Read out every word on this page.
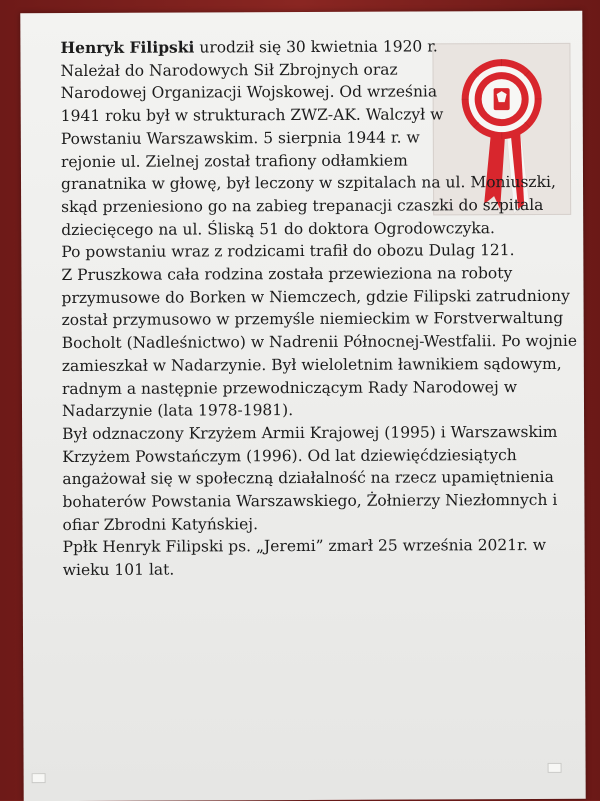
Henryk Filipski urodził się 30 kwietnia 1920 r.
Należał do Narodowych Sił Zbrojnych oraz
Narodowej Organizacji Wojskowej. Od września
1941 roku był w strukturach ZWZ-AK. Walczył w
Powstaniu Warszawskim. 5 sierpnia 1944 r. w
rejonie ul. Zielnej został trafiony odłamkiem
granatnika w głowę, był leczony w szpitalach na ul. Moniuszki,
skąd przeniesiono go na zabieg trepanacji czaszki do szpitala
dziecięcego na ul. Śliską 51 do doktora Ogrodowczyka.
Po powstaniu wraz z rodzicami trafił do obozu Dulag 121.
Z Pruszkowa cała rodzina została przewieziona na roboty
przymusowe do Borken w Niemczech, gdzie Filipski zatrudniony
został przymusowo w przemyśle niemieckim w Forstverwaltung
Bocholt (Nadleśnictwo) w Nadrenii Północnej-Westfalii. Po wojnie
zamieszkał w Nadarzynie. Był wieloletnim ławnikiem sądowym,
radnym a następnie przewodniczącym Rady Narodowej w
Nadarzynie (lata 1978-1981).
Był odznaczony Krzyżem Armii Krajowej (1995) i Warszawskim
Krzyżem Powstańczym (1996). Od lat dziewięćdziesiątych
angażował się w społeczną działalność na rzecz upamiętnienia
bohaterów Powstania Warszawskiego, Żołnierzy Niezłomnych i
ofiar Zbrodni Katyńskiej.
Ppłk Henryk Filipski ps. „Jeremi” zmarł 25 września 2021r. w
wieku 101 lat.
